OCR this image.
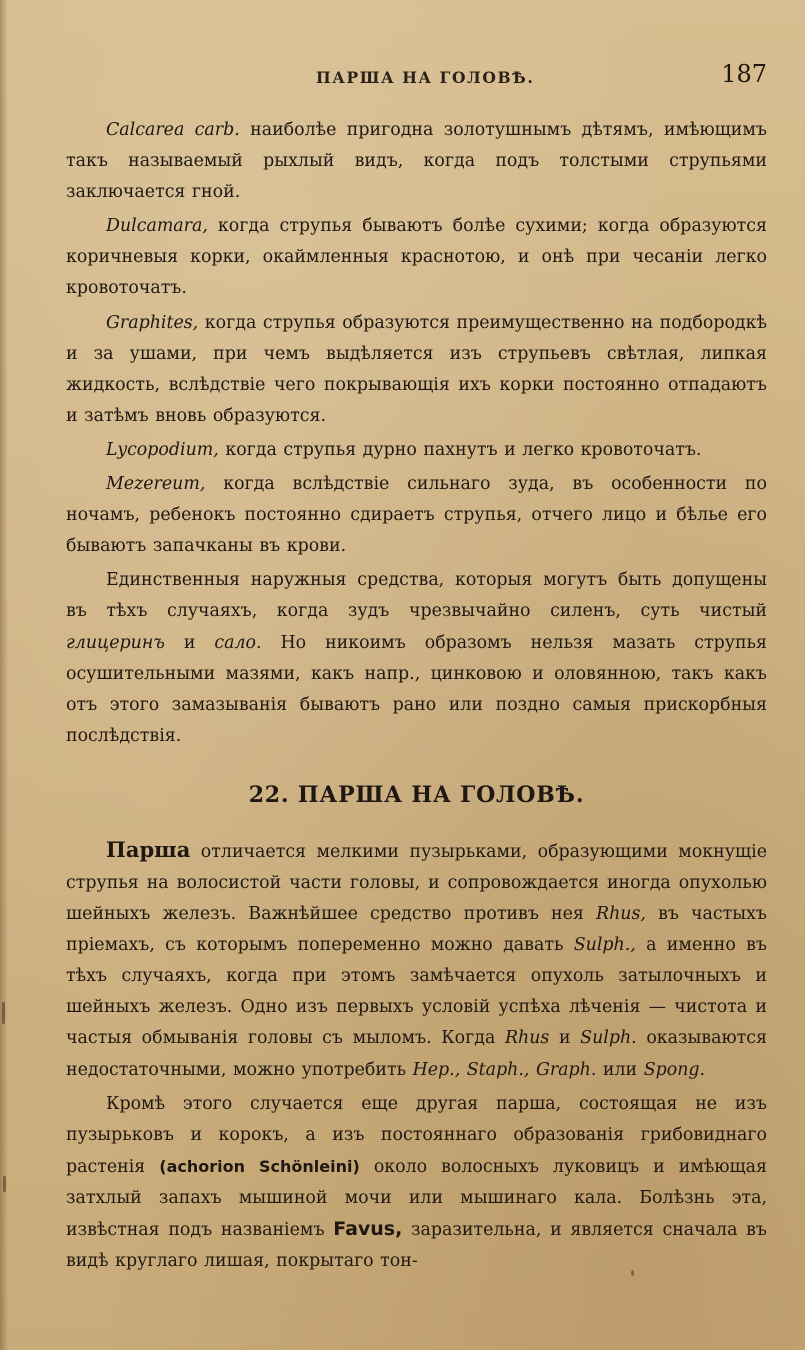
ПАРША НА ГОЛОВѢ.	187

Calcarea carb. наиболѣе пригодна золотушнымъ дѣтямъ, имѣющимъ такъ называемый рыхлый видъ, когда подъ толстыми струпьями заключается гной.

Dulcamara, когда струпья бываютъ болѣе сухими; когда образуются коричневыя корки, окаймленныя краснотою, и онѣ при чесаніи легко кровоточатъ.

Graphites, когда струпья образуются преимущественно на подбородкѣ и за ушами, при чемъ выдѣляется изъ струпьевъ свѣтлая, липкая жидкость, вслѣдствіе чего покрывающія ихъ корки постоянно отпадаютъ и затѣмъ вновь образуются.

Lycopodium, когда струпья дурно пахнутъ и легко кровоточатъ.

Mezereum, когда вслѣдствіе сильнаго зуда, въ особенности по ночамъ, ребенокъ постоянно сдираетъ струпья, отчего лицо и бѣлье его бываютъ запачканы въ крови.

Единственныя наружныя средства, которыя могутъ быть допущены въ тѣхъ случаяхъ, когда зудъ чрезвычайно силенъ, суть чистый глицеринъ и сало. Но никоимъ образомъ нельзя мазать струпья осушительными мазями, какъ напр., цинковою и оловянною, такъ какъ отъ этого замазыванія бываютъ рано или поздно самыя прискорбныя послѣдствія.

22. ПАРША НА ГОЛОВѢ.

Парша отличается мелкими пузырьками, образующими мокнущіе струпья на волосистой части головы, и сопровождается иногда опухолью шейныхъ железъ. Важнѣйшее средство противъ нея Rhus, въ частыхъ пріемахъ, съ которымъ попеременно можно давать Sulph., а именно въ тѣхъ случаяхъ, когда при этомъ замѣчается опухоль затылочныхъ и шейныхъ железъ. Одно изъ первыхъ условій успѣха лѣченія — чистота и частыя обмыванія головы съ мыломъ. Когда Rhus и Sulph. оказываются недостаточными, можно употребить Hep., Staph., Graph. или Spong.

Кромѣ этого случается еще другая парша, состоящая не изъ пузырьковъ и корокъ, а изъ постояннаго образованія грибовиднаго растенія (achorion Schönleini) около волосныхъ луковицъ и имѣющая затхлый запахъ мышиной мочи или мышинаго кала. Болѣзнь эта, извѣстная подъ названіемъ Favus, заразительна, и является сначала въ видѣ круглаго лишая, покрытаго тон-
